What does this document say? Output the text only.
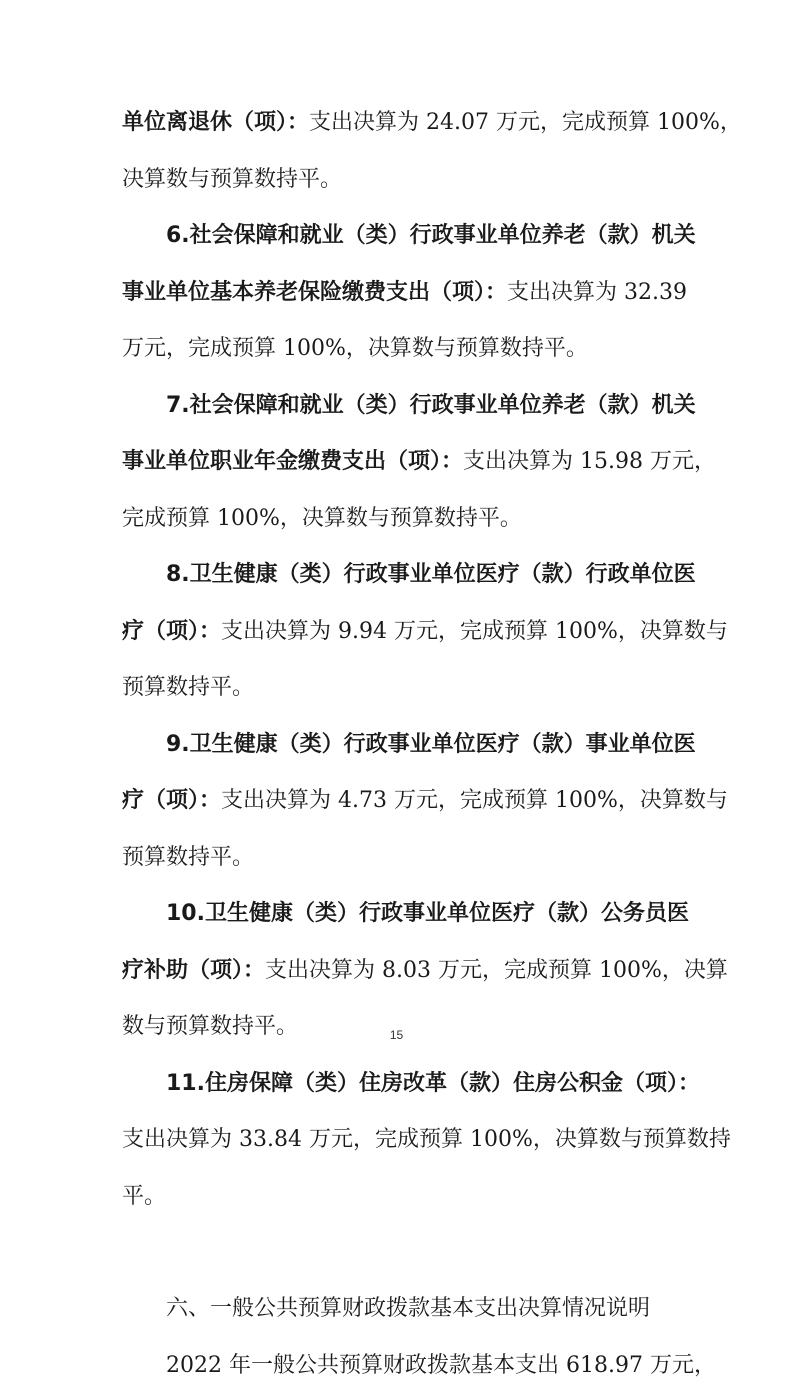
单位离退休（项）：支出决算为 24.07 万元，完成预算 100%，
决算数与预算数持平。
6.社会保障和就业（类）行政事业单位养老（款）机关
事业单位基本养老保险缴费支出（项）：支出决算为 32.39
万元，完成预算 100%，决算数与预算数持平。
7.社会保障和就业（类）行政事业单位养老（款）机关
事业单位职业年金缴费支出（项）：支出决算为 15.98 万元，
完成预算 100%，决算数与预算数持平。
8.卫生健康（类）行政事业单位医疗（款）行政单位医
疗（项）：支出决算为 9.94 万元，完成预算 100%，决算数与
预算数持平。
9.卫生健康（类）行政事业单位医疗（款）事业单位医
疗（项）：支出决算为 4.73 万元，完成预算 100%，决算数与
预算数持平。
10.卫生健康（类）行政事业单位医疗（款）公务员医
疗补助（项）：支出决算为 8.03 万元，完成预算 100%，决算
数与预算数持平。
11.住房保障（类）住房改革（款）住房公积金（项）：
支出决算为 33.84 万元，完成预算 100%，决算数与预算数持
平。
六、一般公共预算财政拨款基本支出决算情况说明
2022 年一般公共预算财政拨款基本支出 618.97 万元，
15
